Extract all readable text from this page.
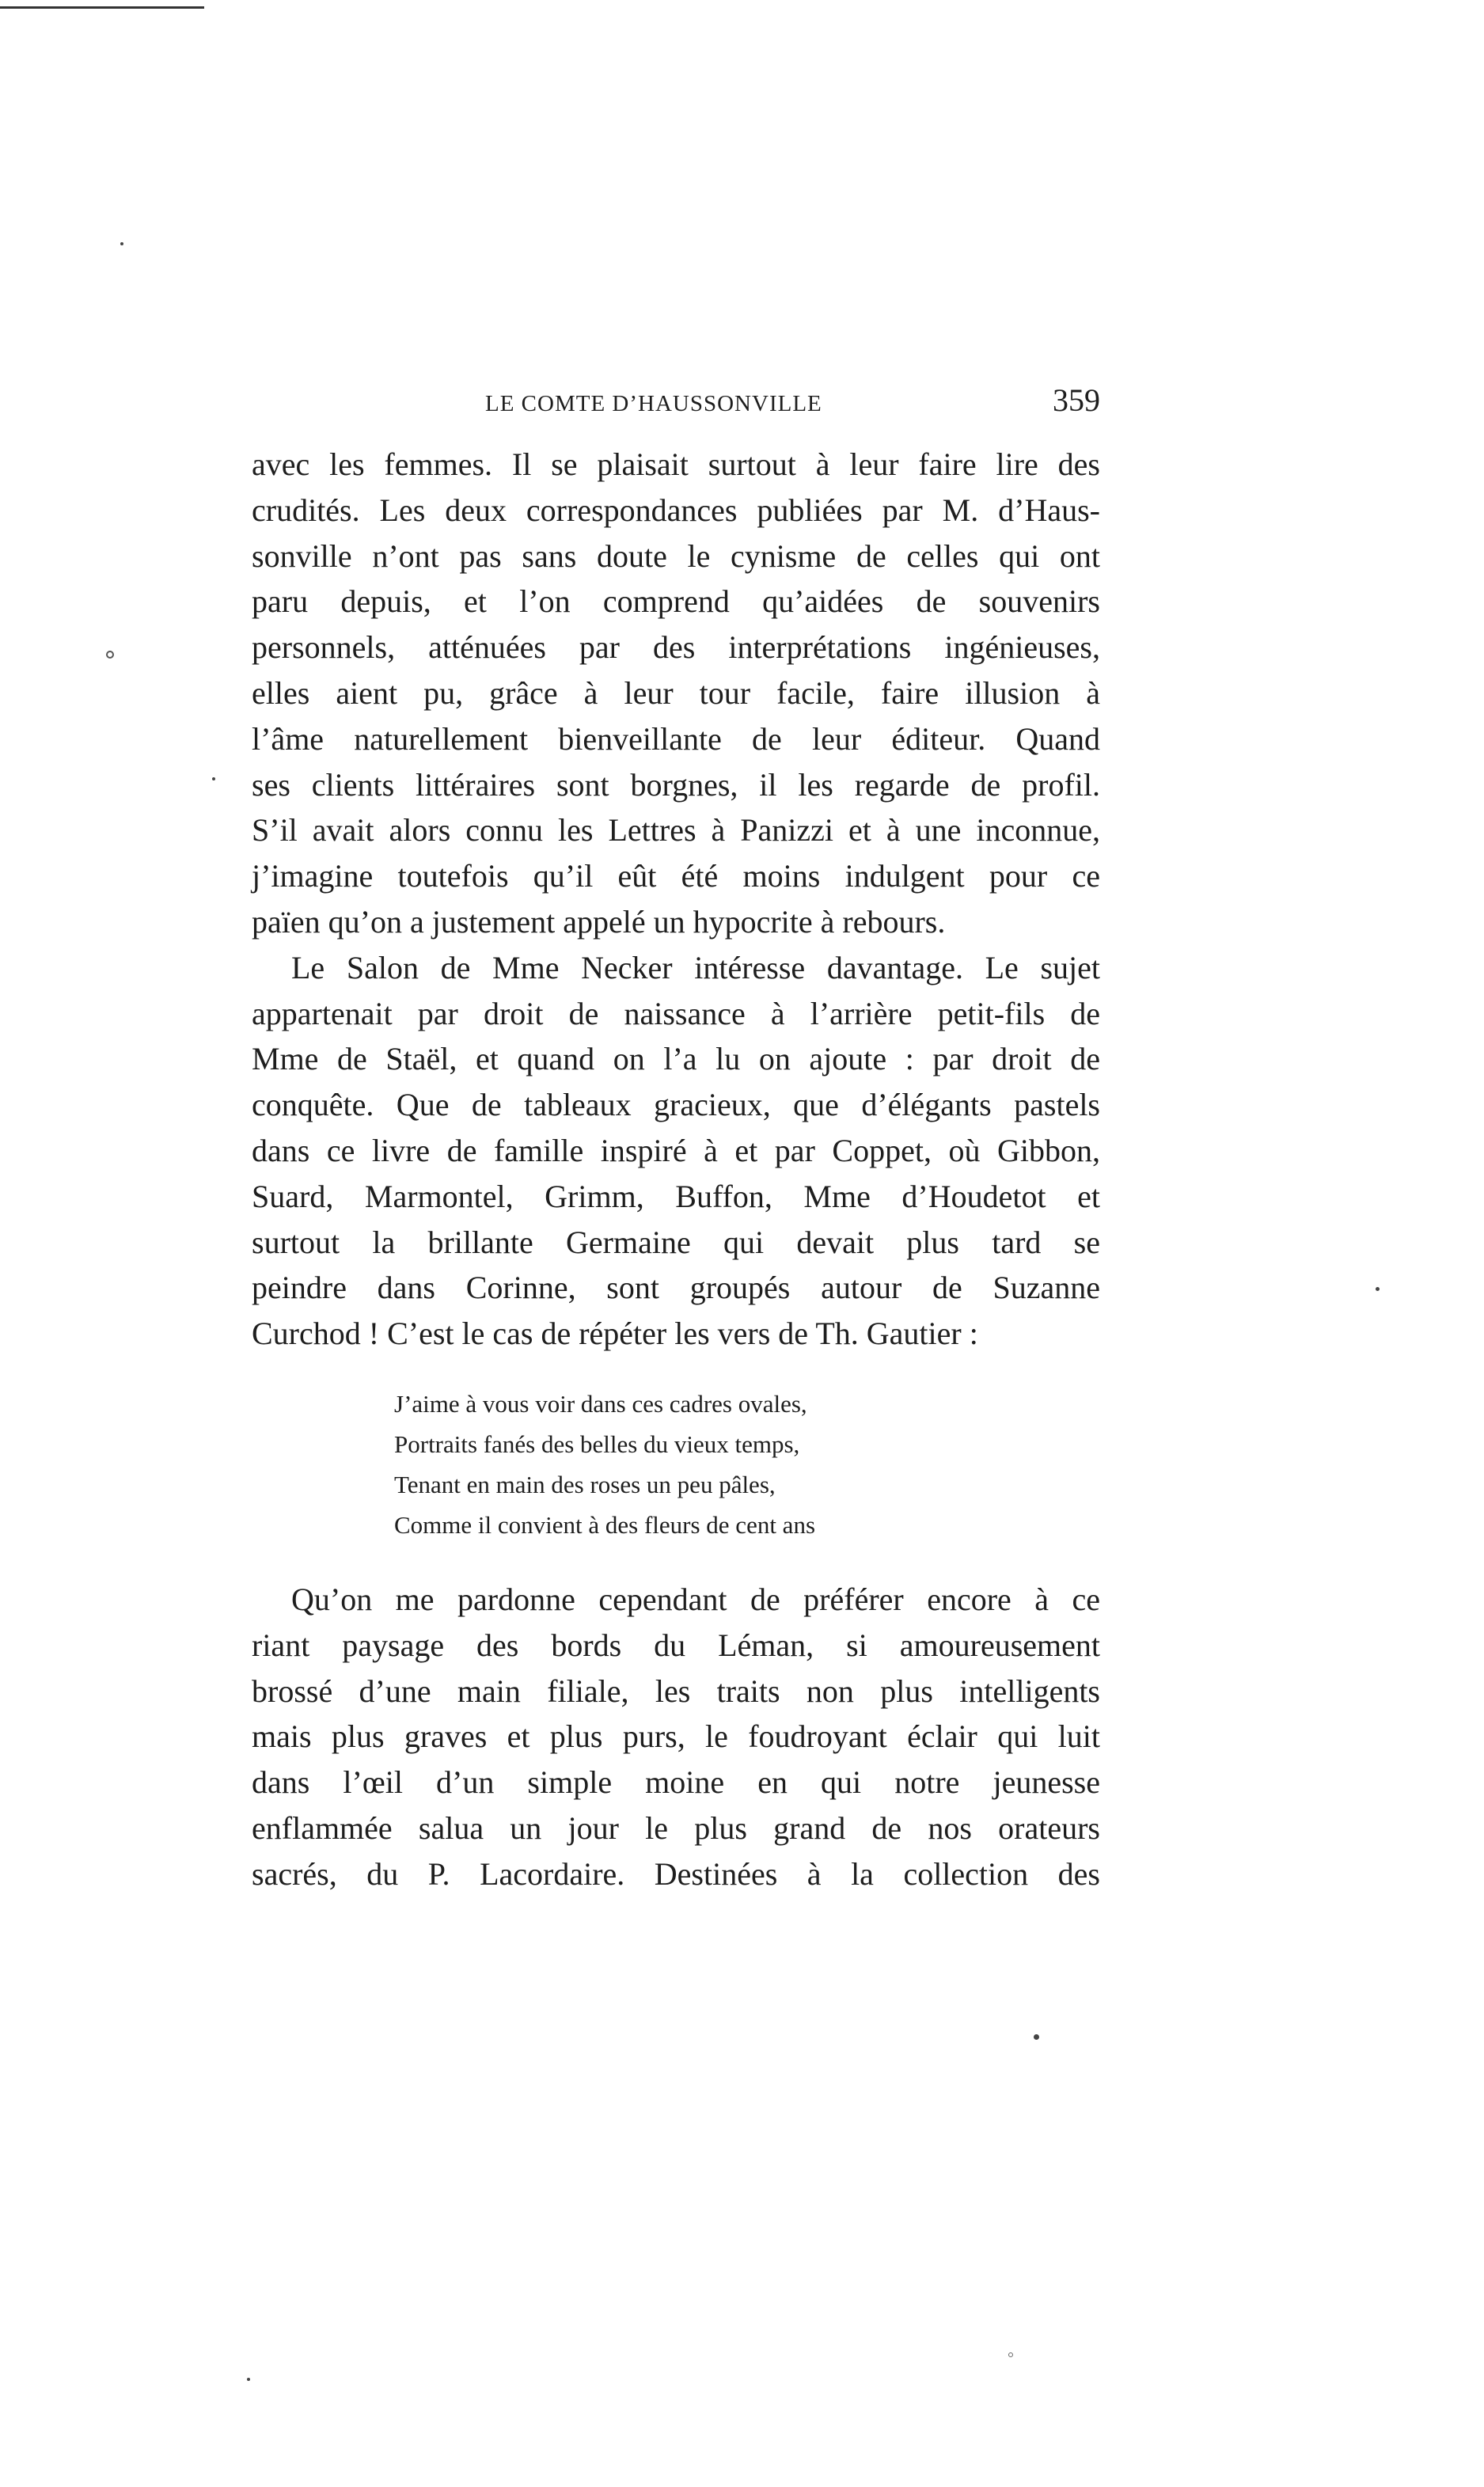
LE COMTE D’HAUSSONVILLE	359
avec les femmes. Il se plaisait surtout à leur faire lire des
crudités. Les deux correspondances publiées par M. d’Haus-
sonville n’ont pas sans doute le cynisme de celles qui ont
paru depuis, et l’on comprend qu’aidées de souvenirs
personnels, atténuées par des interprétations ingénieuses,
elles aient pu, grâce à leur tour facile, faire illusion à
l’âme naturellement bienveillante de leur éditeur. Quand
ses clients littéraires sont borgnes, il les regarde de profil.
S’il avait alors connu les Lettres à Panizzi et à une inconnue,
j’imagine toutefois qu’il eût été moins indulgent pour ce
païen qu’on a justement appelé un hypocrite à rebours.
Le Salon de Mme Necker intéresse davantage. Le sujet
appartenait par droit de naissance à l’arrière petit-fils de
Mme de Staël, et quand on l’a lu on ajoute : par droit de
conquête. Que de tableaux gracieux, que d’élégants pastels
dans ce livre de famille inspiré à et par Coppet, où Gibbon,
Suard, Marmontel, Grimm, Buffon, Mme d’Houdetot et
surtout la brillante Germaine qui devait plus tard se
peindre dans Corinne, sont groupés autour de Suzanne
Curchod ! C’est le cas de répéter les vers de Th. Gautier :
J’aime à vous voir dans ces cadres ovales,
Portraits fanés des belles du vieux temps,
Tenant en main des roses un peu pâles,
Comme il convient à des fleurs de cent ans
Qu’on me pardonne cependant de préférer encore à ce
riant paysage des bords du Léman, si amoureusement
brossé d’une main filiale, les traits non plus intelligents
mais plus graves et plus purs, le foudroyant éclair qui luit
dans l’œil d’un simple moine en qui notre jeunesse
enflammée salua un jour le plus grand de nos orateurs
sacrés, du P. Lacordaire. Destinées à la collection des
